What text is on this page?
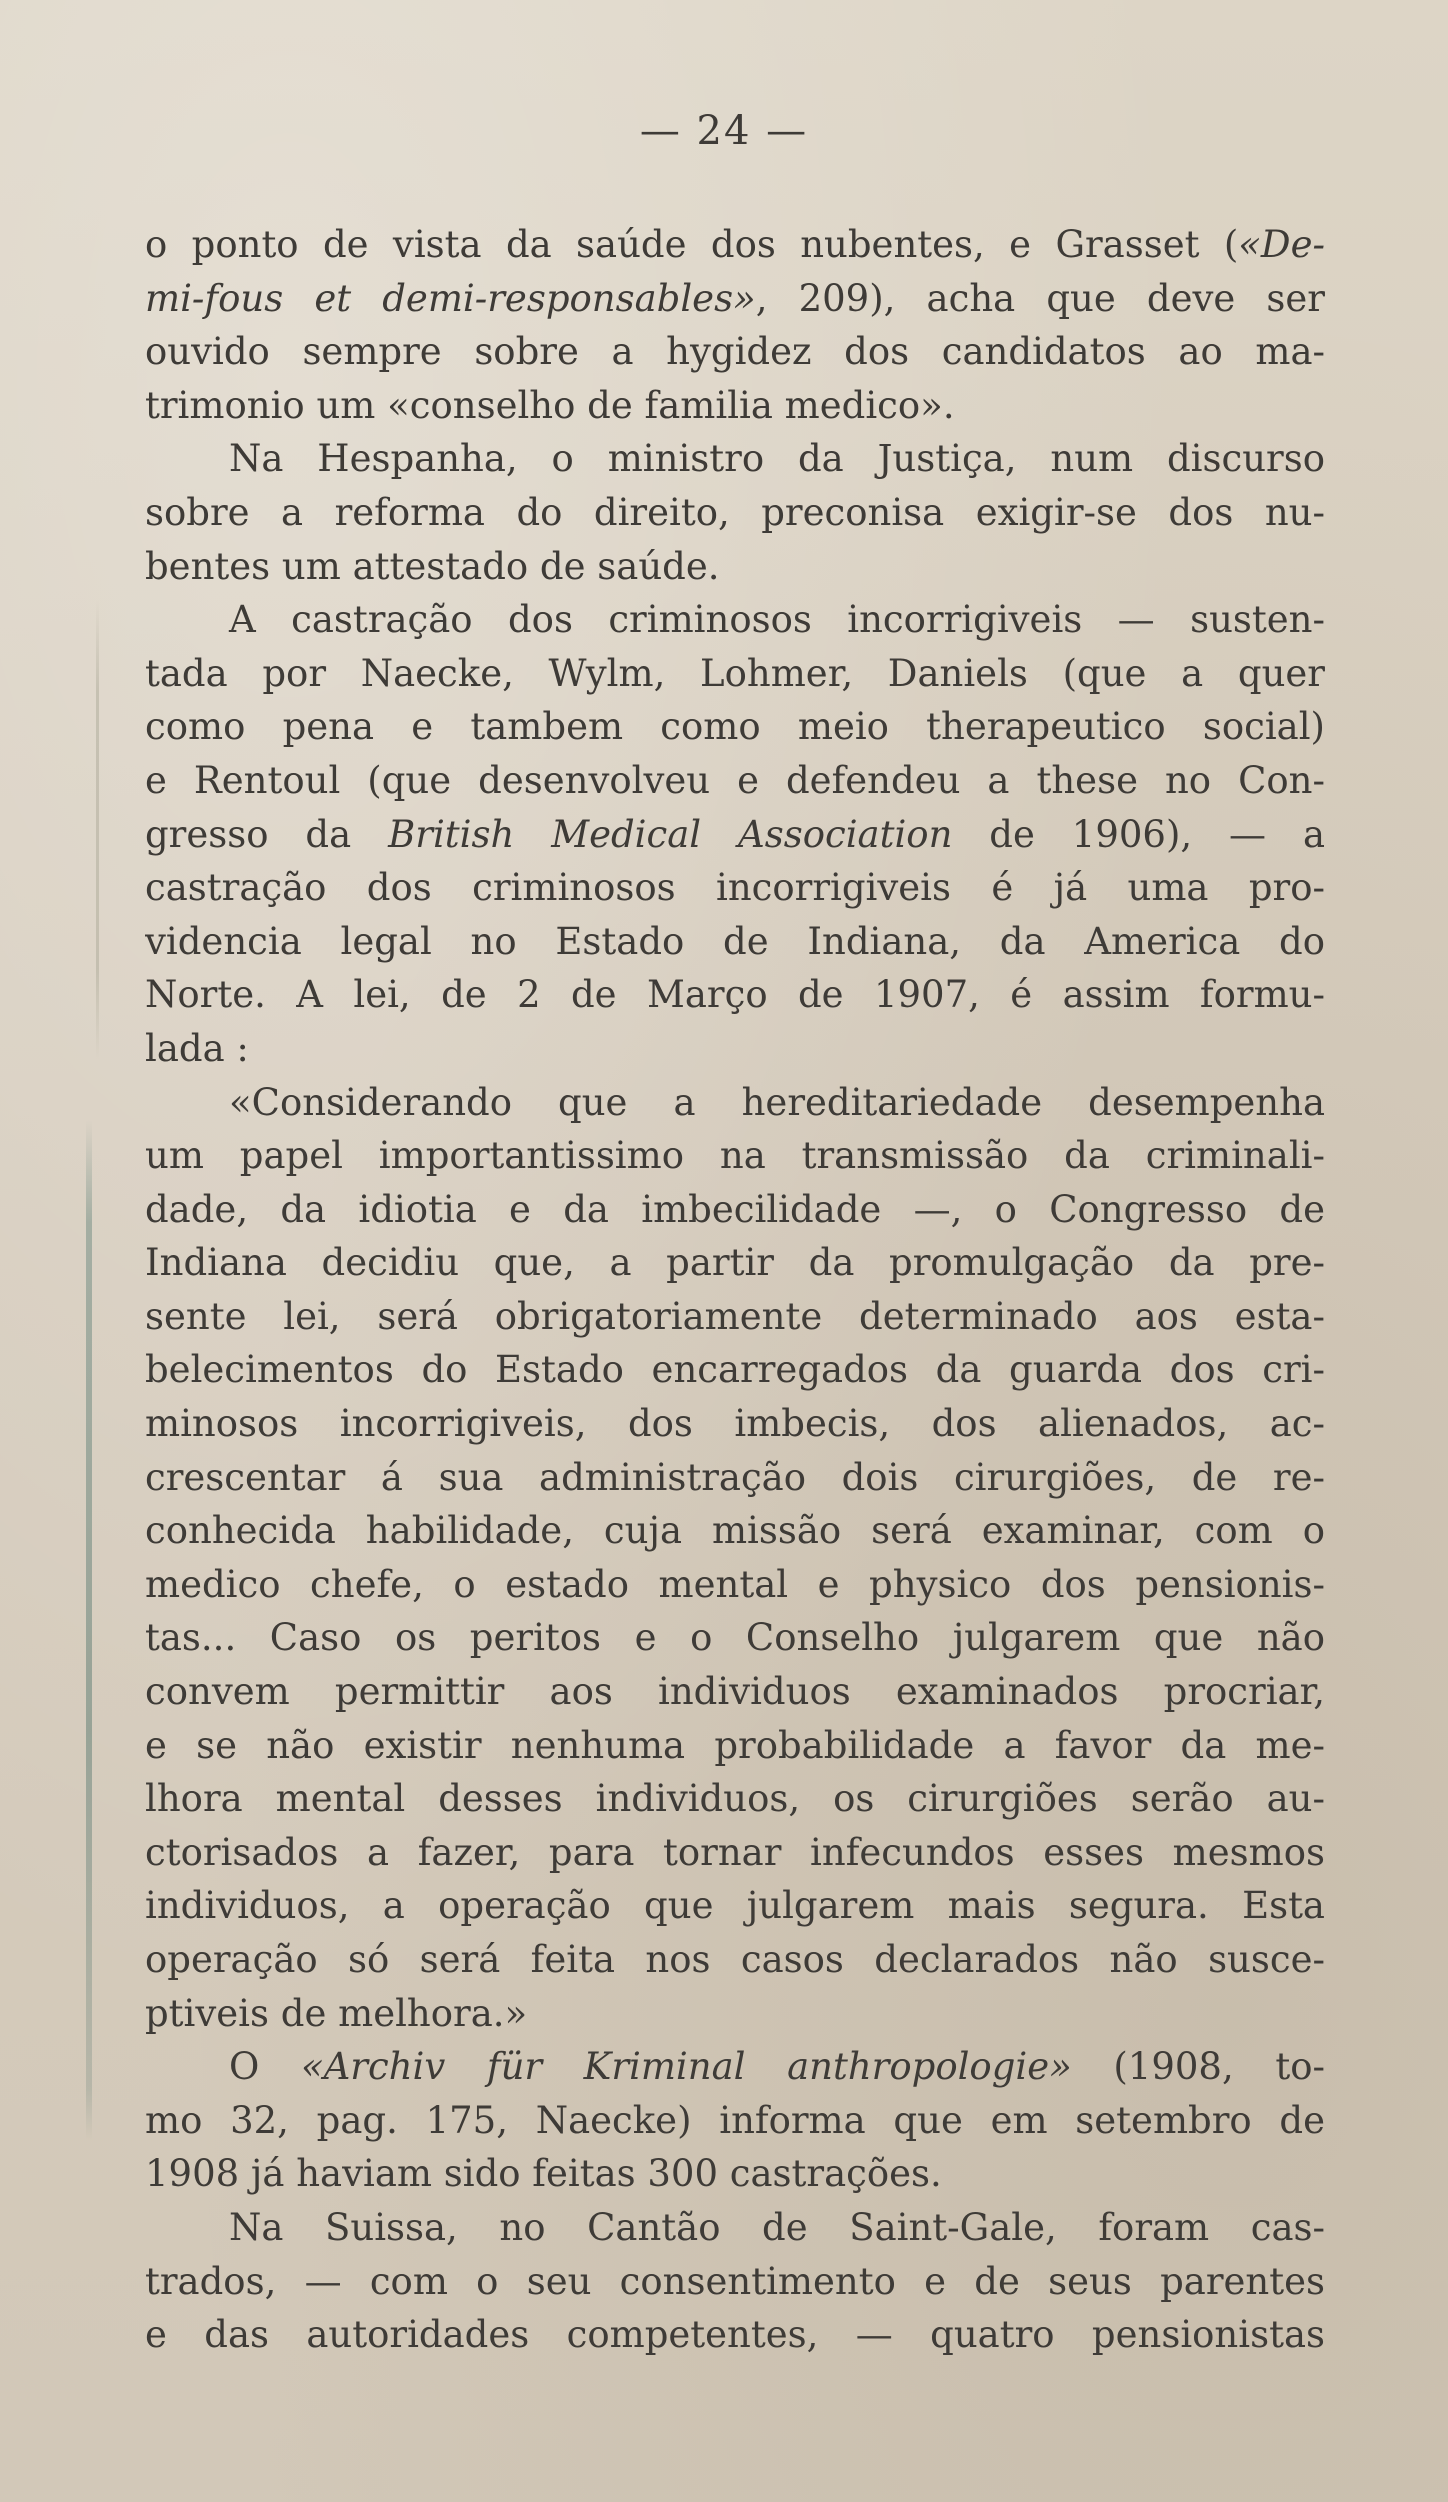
— 24 —
o ponto de vista da saúde dos nubentes, e Grasset («De-
mi-fous et demi-responsables», 209), acha que deve ser
ouvido sempre sobre a hygidez dos candidatos ao ma-
trimonio um «conselho de familia medico».
Na Hespanha, o ministro da Justiça, num discurso
sobre a reforma do direito, preconisa exigir-se dos nu-
bentes um attestado de saúde.
A castração dos criminosos incorrigiveis — susten-
tada por Naecke, Wylm, Lohmer, Daniels (que a quer
como pena e tambem como meio therapeutico social)
e Rentoul (que desenvolveu e defendeu a these no Con-
gresso da British Medical Association de 1906), — a
castração dos criminosos incorrigiveis é já uma pro-
videncia legal no Estado de Indiana, da America do
Norte. A lei, de 2 de Março de 1907, é assim formu-
lada :
«Considerando que a hereditariedade desempenha
um papel importantissimo na transmissão da criminali-
dade, da idiotia e da imbecilidade —, o Congresso de
Indiana decidiu que, a partir da promulgação da pre-
sente lei, será obrigatoriamente determinado aos esta-
belecimentos do Estado encarregados da guarda dos cri-
minosos incorrigiveis, dos imbecis, dos alienados, ac-
crescentar á sua administração dois cirurgiões, de re-
conhecida habilidade, cuja missão será examinar, com o
medico chefe, o estado mental e physico dos pensionis-
tas... Caso os peritos e o Conselho julgarem que não
convem permittir aos individuos examinados procriar,
e se não existir nenhuma probabilidade a favor da me-
lhora mental desses individuos, os cirurgiões serão au-
ctorisados a fazer, para tornar infecundos esses mesmos
individuos, a operação que julgarem mais segura. Esta
operação só será feita nos casos declarados não susce-
ptiveis de melhora.»
O «Archiv für Kriminal anthropologie» (1908, to-
mo 32, pag. 175, Naecke) informa que em setembro de
1908 já haviam sido feitas 300 castrações.
Na Suissa, no Cantão de Saint-Gale, foram cas-
trados, — com o seu consentimento e de seus parentes
e das autoridades competentes, — quatro pensionistas
